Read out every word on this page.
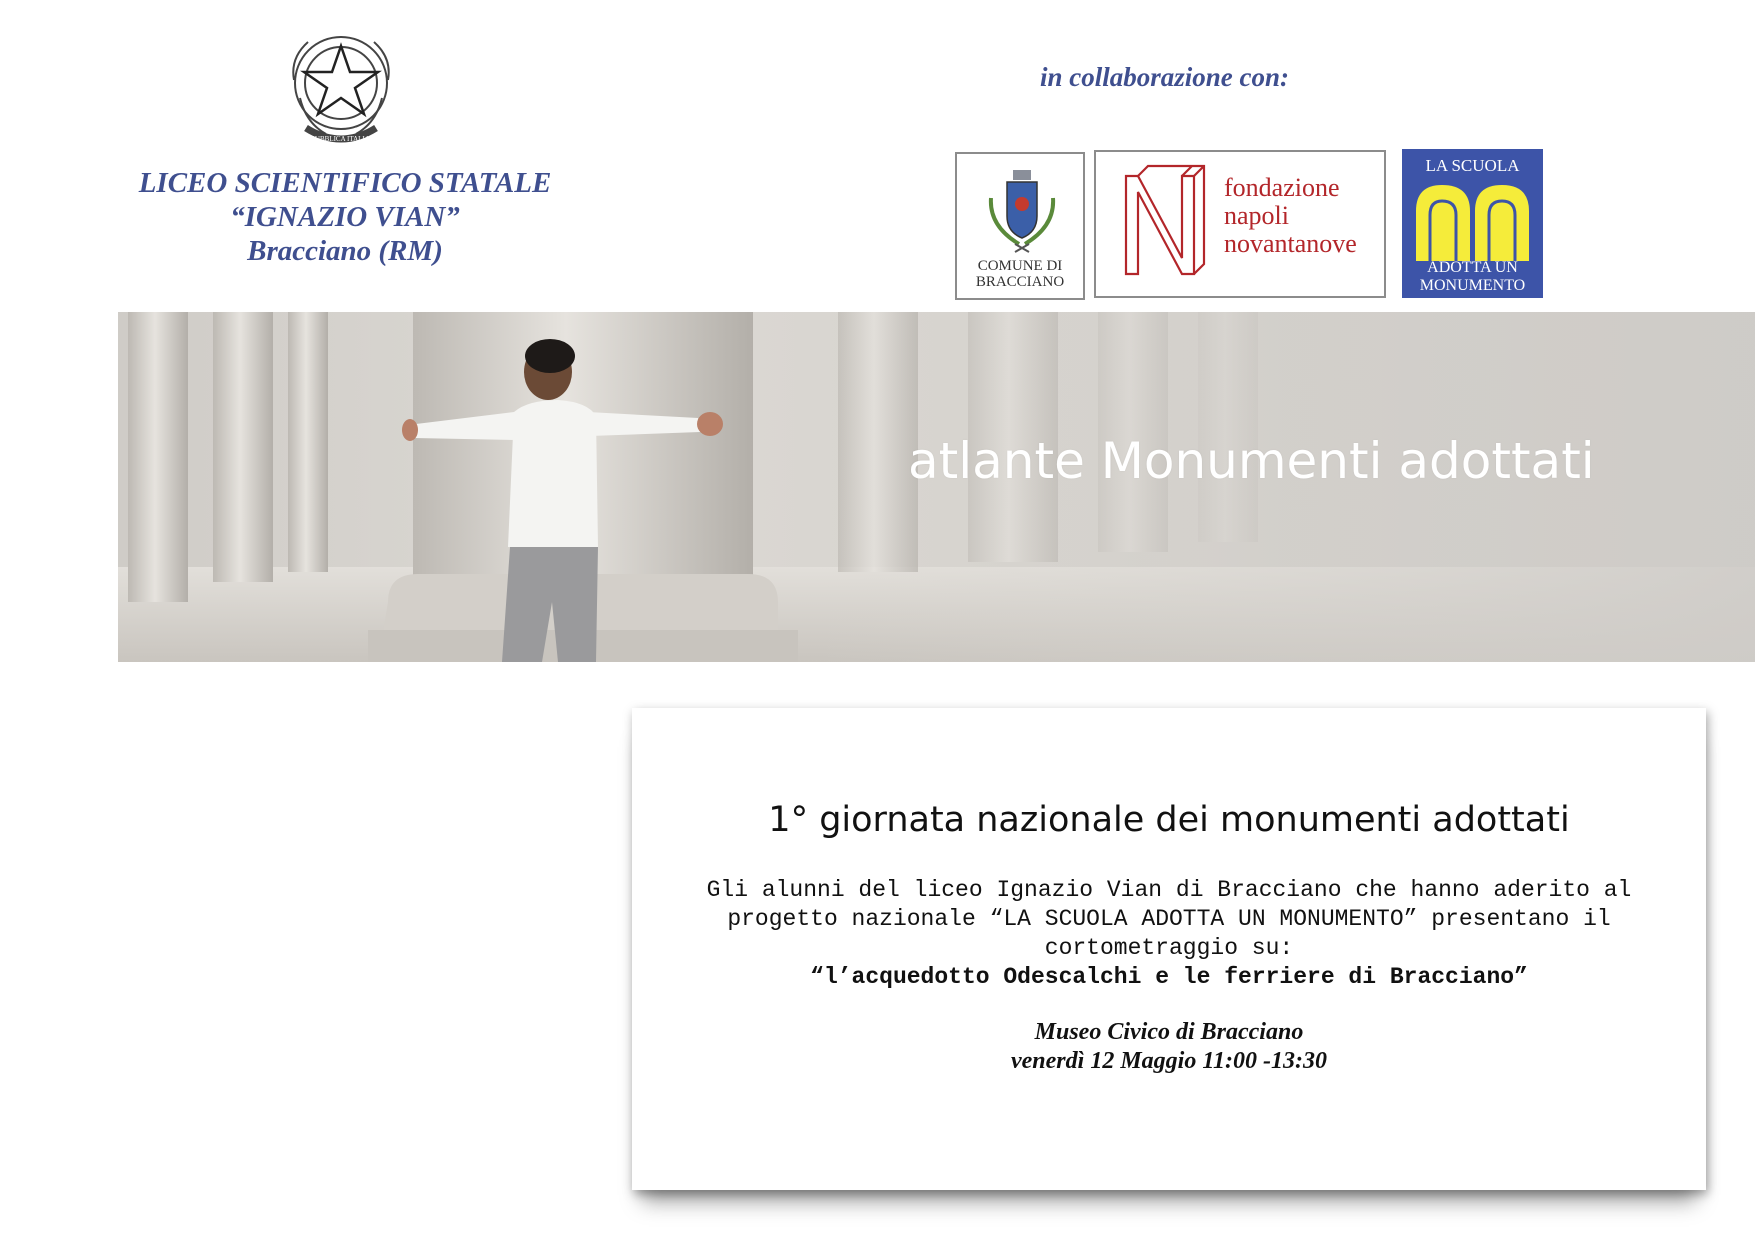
REPUBBLICA ITALIANA
LICEO SCIENTIFICO STATALE
“IGNAZIO VIAN”
Bracciano (RM)
in collaborazione con:
COMUNE DI
BRACCIANO
fondazione
napoli
novantanove
LA SCUOLA
ADOTTA UN
MONUMENTO
atlante Monumenti adottati
1° giornata nazionale dei monumenti adottati
Gli alunni del liceo Ignazio Vian di Bracciano che hanno aderito al
progetto nazionale “LA SCUOLA ADOTTA UN MONUMENTO” presentano il
cortometraggio su:
“l’acquedotto Odescalchi e le ferriere di Bracciano”
Museo Civico di Bracciano
venerdì 12 Maggio 11:00 -13:30
